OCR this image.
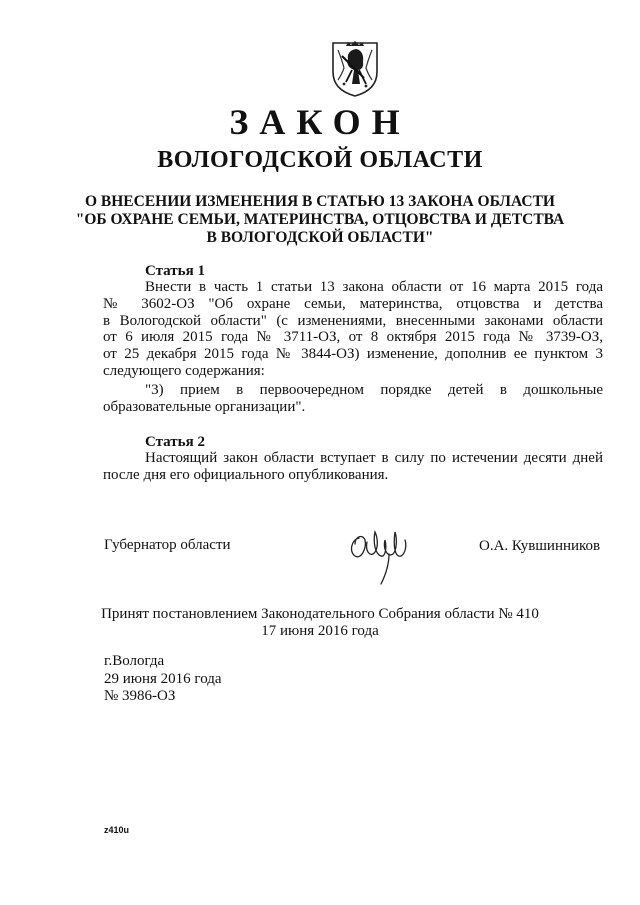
ЗАКОН
ВОЛОГОДСКОЙ ОБЛАСТИ
О ВНЕСЕНИИ ИЗМЕНЕНИЯ В СТАТЬЮ 13 ЗАКОНА ОБЛАСТИ
"ОБ ОХРАНЕ СЕМЬИ, МАТЕРИНСТВА, ОТЦОВСТВА И ДЕТСТВА
В ВОЛОГОДСКОЙ ОБЛАСТИ"
Статья 1
Внести в часть 1 статьи 13 закона области от 16 марта 2015 года
№ 3602-ОЗ "Об охране семьи, материнства, отцовства и детства
в Вологодской области" (с изменениями, внесенными законами области
от 6 июля 2015 года № 3711-ОЗ, от 8 октября 2015 года № 3739-ОЗ,
от 25 декабря 2015 года № 3844-ОЗ) изменение, дополнив ее пунктом 3
следующего содержания:
"3) прием в первоочередном порядке детей в дошкольные
образовательные организации".
Статья 2
Настоящий закон области вступает в силу по истечении десяти дней
после дня его официального опубликования.
Губернатор области	О.А. Кувшинников
Принят постановлением Законодательного Собрания области № 410
17 июня 2016 года
г.Вологда
29 июня 2016 года
№ 3986-ОЗ
z410u
